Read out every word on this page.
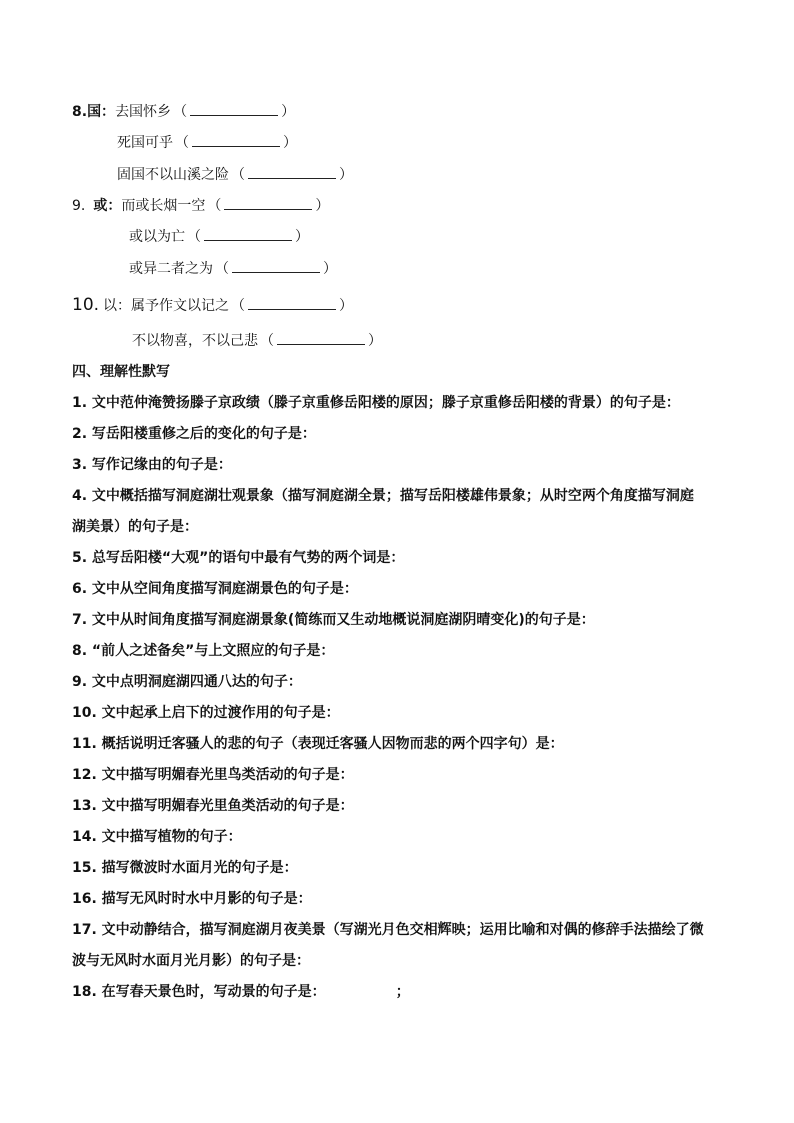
8.国：去国怀乡 （	）
死国可乎 （	）
固国不以山溪之险 （	）
9. 或：而或长烟一空 （	）
或以为亡 （	）
或异二者之为 （	）
10. 以：属予作文以记之 （	）
不以物喜，不以己悲 （	）
四、理解性默写
1. 文中范仲淹赞扬滕子京政绩（滕子京重修岳阳楼的原因；滕子京重修岳阳楼的背景）的句子是：
2. 写岳阳楼重修之后的变化的句子是：
3. 写作记缘由的句子是：
4. 文中概括描写洞庭湖壮观景象（描写洞庭湖全景；描写岳阳楼雄伟景象；从时空两个角度描写洞庭
湖美景）的句子是：
5. 总写岳阳楼“大观”的语句中最有气势的两个词是：
6. 文中从空间角度描写洞庭湖景色的句子是：
7. 文中从时间角度描写洞庭湖景象(简练而又生动地概说洞庭湖阴晴变化)的句子是：
8. “前人之述备矣”与上文照应的句子是：
9. 文中点明洞庭湖四通八达的句子：
10. 文中起承上启下的过渡作用的句子是：
11. 概括说明迁客骚人的悲的句子（表现迁客骚人因物而悲的两个四字句）是：
12. 文中描写明媚春光里鸟类活动的句子是：
13. 文中描写明媚春光里鱼类活动的句子是：
14. 文中描写植物的句子：
15. 描写微波时水面月光的句子是：
16. 描写无风时时水中月影的句子是：
17. 文中动静结合，描写洞庭湖月夜美景（写湖光月色交相辉映；运用比喻和对偶的修辞手法描绘了微
波与无风时水面月光月影）的句子是：
18. 在写春天景色时，写动景的句子是：	；
